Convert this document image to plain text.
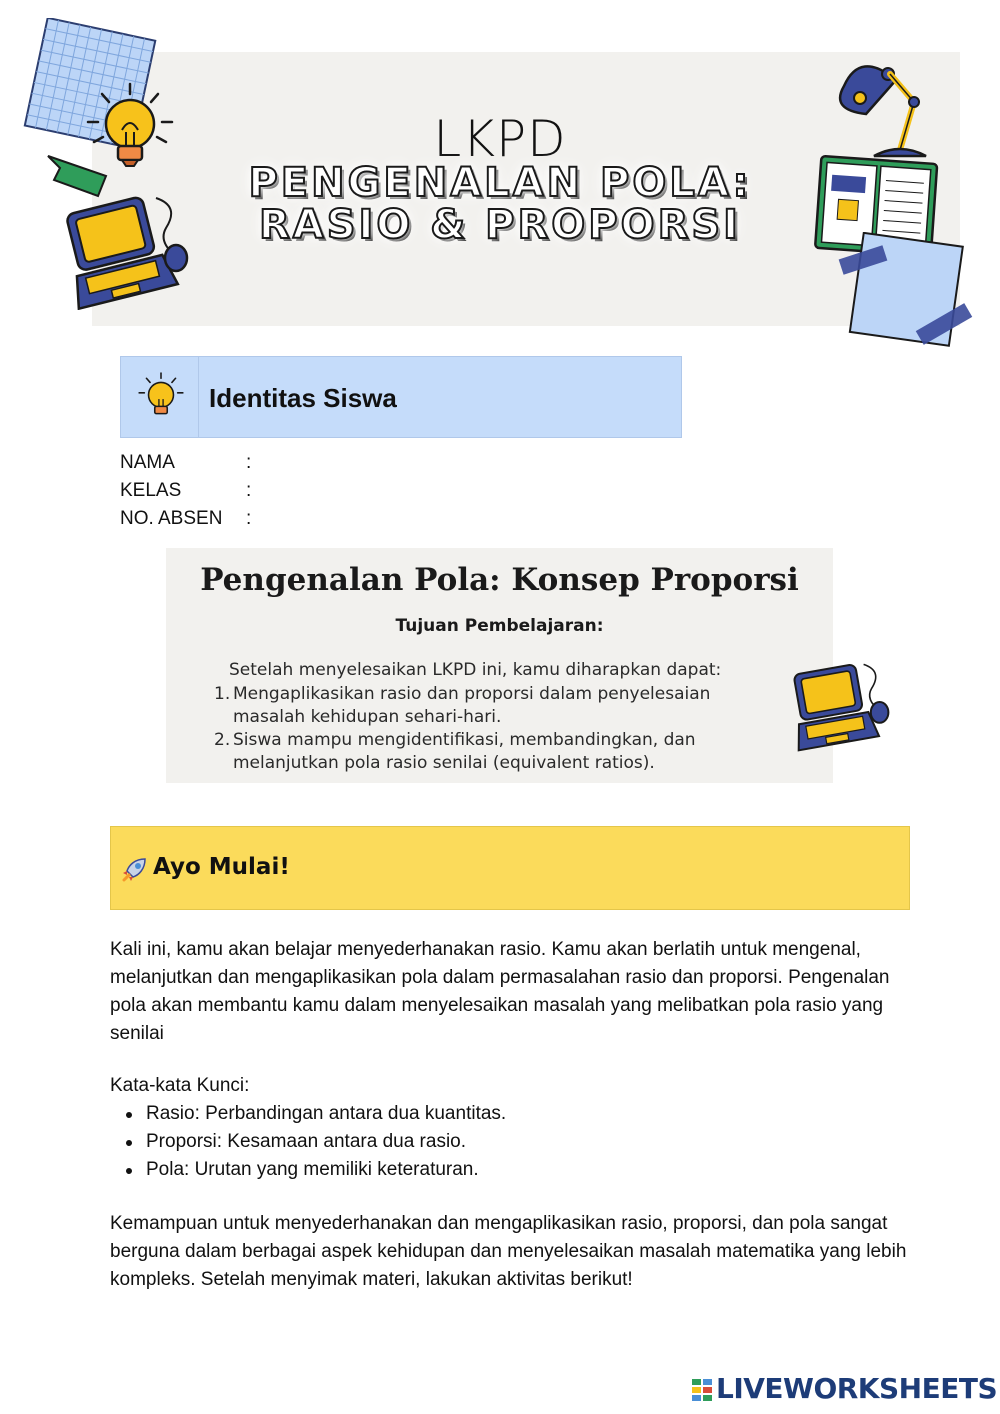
LKPD
PENGENALAN POLA:
RASIO & PROPORSI
Identitas Siswa
NAMA	:
KELAS	:
NO. ABSEN :
Pengenalan Pola: Konsep Proporsi
Tujuan Pembelajaran:
Setelah menyelesaikan LKPD ini, kamu diharapkan dapat:
1. Mengaplikasikan rasio dan proporsi dalam penyelesaian masalah kehidupan sehari-hari.
2. Siswa mampu mengidentifikasi, membandingkan, dan melanjutkan pola rasio senilai (equivalent ratios).
Ayo Mulai!

Kali ini, kamu akan belajar menyederhanakan rasio. Kamu akan berlatih untuk mengenal, melanjutkan dan mengaplikasikan pola dalam permasalahan rasio dan proporsi. Pengenalan pola akan membantu kamu dalam menyelesaikan masalah yang melibatkan pola rasio yang senilai

Kata-kata Kunci:

Rasio: Perbandingan antara dua kuantitas.
Proporsi: Kesamaan antara dua rasio.
Pola: Urutan yang memiliki keteraturan.

Kemampuan untuk menyederhanakan dan mengaplikasikan rasio, proporsi, dan pola sangat berguna dalam berbagai aspek kehidupan dan menyelesaikan masalah matematika yang lebih kompleks. Setelah menyimak materi, lakukan aktivitas berikut!

LIVEWORKSHEETS
